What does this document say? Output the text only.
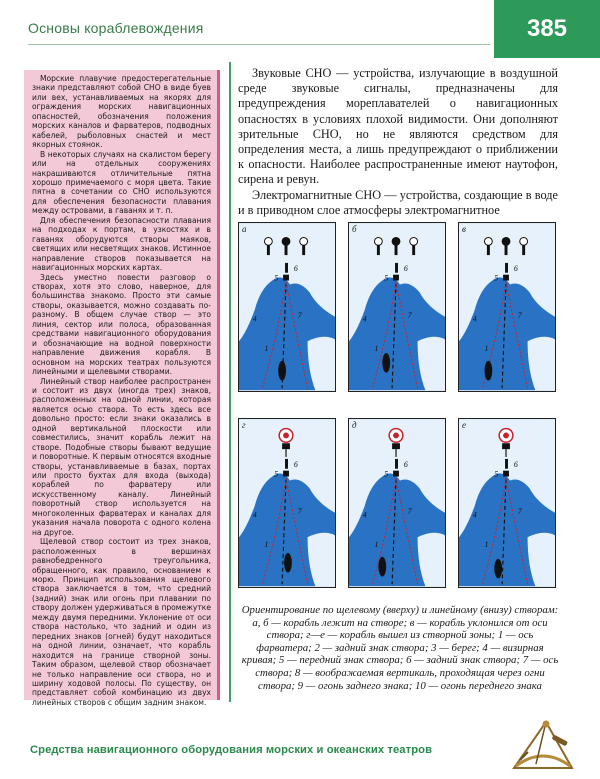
Основы кораблевождения	385

Морские плавучие предостерегательные знаки представляют собой СНО в виде буев или вех, устанавливаемых на якорях для ограждения морских навигационных опасностей, обозначения положения морских каналов и фарватеров, подводных кабелей, рыболовных снастей и мест якорных стоянок.

В некоторых случаях на скалистом берегу или на отдельных сооружениях накрашиваются отличительные пятна хорошо примечаемого с моря цвета. Такие пятна в сочетании со СНО используются для обеспечения безопасности плавания между островами, в гаванях и т. п.

Для обеспечения безопасности плавания на подходах к портам, в узкостях и в гаванях оборудуются створы маяков, светящих или несветящих знаков. Истинное направление створов показывается на навигационных морских картах.

Здесь уместно повести разговор о створах, хотя это слово, наверное, для большинства знакомо. Просто эти самые створы, оказывается, можно создавать по-разному. В общем случае створ — это линия, сектор или полоса, образованная средствами навигационного оборудования и обозначающие на водной поверхности направление движения корабля. В основном на морских театрах пользуются линейными и щелевыми створами.

Линейный створ наиболее распространен и состоит из двух (иногда трех) знаков, расположенных на одной линии, которая является осью створа. То есть здесь все довольно просто: если знаки оказались в одной вертикальной плоскости или совместились, значит корабль лежит на створе. Подобные створы бывают ведущие и поворотные. К первым относятся входные створы, устанавливаемые в базах, портах или просто бухтах для входа (выхода) кораблей по фарватеру или искусственному каналу. Линейный поворотный створ используется на многоколенных фарватерах и каналах для указания начала поворота с одного колена на другое.

Щелевой створ состоит из трех знаков, расположенных в вершинах равнобедренного треугольника, обращенного, как правило, основанием к морю. Принцип использования щелевого створа заключается в том, что средний (задний) знак или огонь при плавании по створу должен удерживаться в промежутке между двумя передними. Уклонение от оси створа настолько, что задний и один из передних знаков (огней) будут находиться на одной линии, означает, что корабль находится на границе створной зоны. Таким образом, щелевой створ обозначает не только направление оси створа, но и ширину ходовой полосы. По существу, он представляет собой комбинацию из двух линейных створов с общим задним знаком.

Звуковые СНО — устройства, излучающие в воздушной среде звуковые сигналы, предназначены для предупреждения мореплавателей о навигационных опасностях в условиях плохой видимости. Они дополняют зрительные СНО, но не являются средством для определения места, а лишь предупреждают о приближении к опасности. Наиболее распространенные имеют наутофон, сирена и ревун.

Электромагнитные СНО — устройства, создающие в воде и в приводном слое атмосферы электромагнитное

а
6
5
7
1
4
б
6
5
7
1
4
в
6
5
7
1
4
г
6
5
7
1
4
д
6
5
7
1
4
е
6
5
7
1
4
Ориентирование по щелевому (вверху) и линейному (внизу) створам:
а, б — корабль лежит на створе; в — корабль уклонился от оси створа; г—е — корабль вышел из створной зоны; 1 — ось фарватера; 2 — задний знак створа; 3 — берег; 4 — визирная кривая; 5 — передний знак створа; 6 — задний знак створа; 7 — ось створа; 8 — воображаемая вертикаль, проходящая через огни створа; 9 — огонь заднего знака; 10 — огонь переднего знака
Средства навигационного оборудования морских и океанских театров
